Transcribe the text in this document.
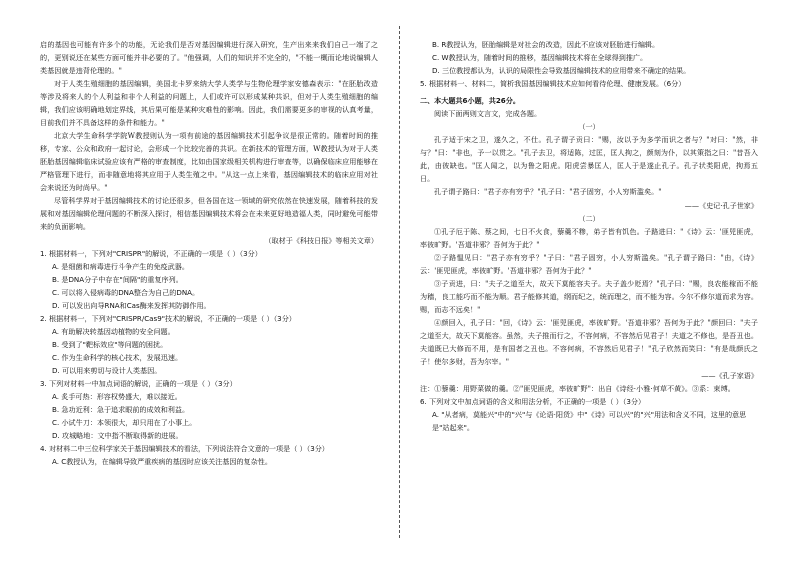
启的基因也可能有许多个的功能，无论我们是否对基因编辑进行深入研究，生产出来来我们自己一端了之的，更别说还在某些方面可能并非必要的了。"他强调，人们的知识并不完全的，"不能一概而论地说编辑人类基因就是违背伦理的。"

对于人类生殖细胞的基因编辑，美国北卡罗来纳大学人类学与生物伦理学家安德森表示："在胚胎改造等涉及将来人的个人利益和非个人利益的问题上，人们或许可以形成某种共识，但对于人类生殖细胞的编辑，我们应该明确地划定界线，其后果可能是某种灾难性的影响。因此，我们需要更多的审视的认真考量，目前我们并不具备这样的条件和能力。"

北京大学生命科学学院W教授则认为一项有前途的基因编辑技术引起争议是很正常的。随着时间的推移，专家、公众和政府一起讨论，会形成一个比较完善的共识。在新技术的管理方面，W教授认为对于人类胚胎基因编辑临床试验应该有严格的审查制度，比如由国家级相关机构进行审查等，以确保临床应用能够在严格管理下进行，而非随意地将其应用于人类生殖之中。"从这一点上来看，基因编辑技术的临床应用对社会来说还为时尚早。"

尽管科学界对于基因编辑技术的讨论还很多，但各国在这一领域的研究依然在快速发展，随着科技的发展和对基因编辑伦理问题的不断深入探讨，相信基因编辑技术将会在未来更好地造福人类，同时避免可能带来的负面影响。

（取材于《科技日报》等相关文章）

1. 根据材料一，下列对"CRISPR"的解说，不正确的一项是（ ）（3分）

A. 是细菌和病毒进行斗争产生的免疫武器。

B. 是DNA分子中存在"间隔"的重复序列。

C. 可以将入侵病毒的DNA整合为自己的DNA。

D. 可以发出向导RNA和Cas酶来发挥其防御作用。

2. 根据材料一，下列对"CRISPR/Cas9"技术的解说，不正确的一项是（ ）（3分）

A. 有助解决转基因动植物的安全问题。

B. 受到了"靶标效应"等问题的困扰。

C. 作为生命科学的核心技术，发展迅速。

D. 可以用来剪切与设计人类基因。

3. 下列对材料一中加点词语的解说，正确的一项是（ ）（3分）

A. 炙手可热：形容权势盛大，难以接近。

B. 急功近利：急于追求眼前的成效和利益。

C. 小试牛刀：本领很大，却只用在了小事上。

D. 攻城略地：文中指不断取得新的进展。

4. 对材料二中三位科学家关于基因编辑技术的看法，下列说法符合文意的一项是（ ）（3分）

A. C教授认为，在编辑导致严重疾病的基因时应该关注基因的复杂性。

B. R教授认为，胚胎编辑是对社会的改造，因此不应该对胚胎进行编辑。

C. W教授认为，随着时间的推移，基因编辑技术将在全球得到推广。

D. 三位教授都认为，认识的局限性会导致基因编辑技术的应用带来不确定的结果。

5. 根据材料一、材料二，简析我国基因编辑技术应如何看待伦理、健康发展。（6分）

二、本大题共6小题，共26分。

阅读下面两则文言文，完成各题。

（一）

孔子适于宋之卫，遂久之，不仕。孔子谓子贡曰："赐，汝以予为多学而识之者与？"对曰："然，非与？"曰："非也，予一以贯之。"孔子去卫，将适陈，过匡，匡人拘之，颜刻为仆，以其策指之曰："昔吾入此，由彼缺也。"匡人闻之，以为鲁之阳虎。阳虎尝暴匡人，匡人于是遂止孔子。孔子状类阳虎，拘焉五日。

孔子谓子路曰："君子亦有穷乎？"孔子曰："君子固穷，小人穷斯滥矣。"

——《史记·孔子世家》

（二）

①孔子厄于陈、蔡之间，七日不火食，藜羹不糁，弟子皆有饥色。子路进曰："《诗》云：'匪兕匪虎，率彼旷野。'吾道非邪？吾何为于此？"

②子路愠见曰："君子亦有穷乎？"子曰："君子固穷，小人穷斯滥矣。"孔子谓子路曰："由，《诗》云：'匪兕匪虎，率彼旷野。'吾道非邪？吾何为于此？"

③子贡进，曰："夫子之道至大，故天下莫能容夫子。夫子盖少贬焉？"孔子曰："赐，良农能稼而不能为穑，良工能巧而不能为顺。君子能修其道，纲而纪之，统而理之，而不能为容。今尔不修尔道而求为容。赐，而志不远矣！"

④颜回入，孔子曰："回，《诗》云：'匪兕匪虎，率彼旷野。'吾道非邪？吾何为于此？"颜回曰："夫子之道至大，故天下莫能容。虽然，夫子推而行之，不容何病，不容然后见君子！夫道之不修也，是吾丑也。夫道既已大修而不用，是有国者之丑也。不容何病，不容然后见君子！"孔子欣然而笑曰："有是哉颜氏之子！使尔多财，吾为尔宰。"

——《孔子家语》

注：①藜羹：用野菜做的羹。②"匪兕匪虎，率彼旷野"：出自《诗经·小雅·何草不黄》。③系：束缚。

6. 下列对文中加点词语的含义和用法分析，不正确的一项是（ ）（3分）

A. "从者病，莫能兴"中的"兴"与《论语·阳货》中"《诗》可以兴"的"兴"用法和含义不同，这里的意思是"站起来"。
